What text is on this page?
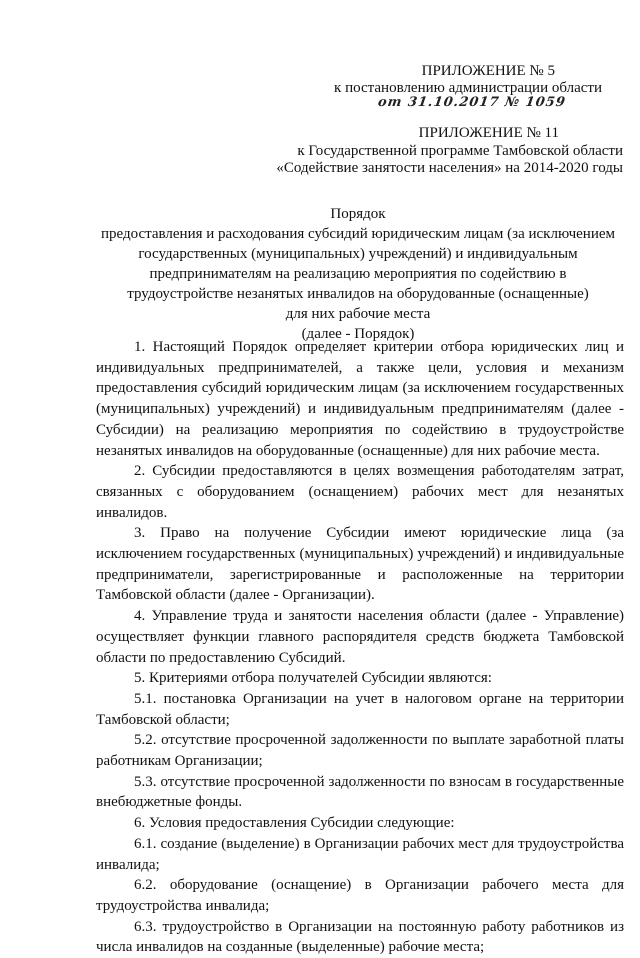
ПРИЛОЖЕНИЕ № 5
к постановлению администрации области
от 31.10.2017 № 1059
ПРИЛОЖЕНИЕ № 11
к Государственной программе Тамбовской области
«Содействие занятости населения» на 2014-2020 годы
Порядок
предоставления и расходования субсидий юридическим лицам (за исключением
государственных (муниципальных) учреждений) и индивидуальным
предпринимателям на реализацию мероприятия по содействию в
трудоустройстве незанятых инвалидов на оборудованные (оснащенные)
для них рабочие места
(далее - Порядок)

1. Настоящий Порядок определяет критерии отбора юридических лиц и индивидуальных предпринимателей, а также цели, условия и механизм предоставления субсидий юридическим лицам (за исключением государственных (муниципальных) учреждений) и индивидуальным предпринимателям (далее - Субсидии) на реализацию мероприятия по содействию в трудоустройстве незанятых инвалидов на оборудованные (оснащенные) для них рабочие места.

2. Субсидии предоставляются в целях возмещения работодателям затрат, связанных с оборудованием (оснащением) рабочих мест для незанятых инвалидов.

3. Право на получение Субсидии имеют юридические лица (за исключением государственных (муниципальных) учреждений) и индивидуальные предприниматели, зарегистрированные и расположенные на территории Тамбовской области (далее - Организации).

4. Управление труда и занятости населения области (далее - Управление) осуществляет функции главного распорядителя средств бюджета Тамбовской области по предоставлению Субсидий.

5. Критериями отбора получателей Субсидии являются:

5.1. постановка Организации на учет в налоговом органе на территории Тамбовской области;

5.2. отсутствие просроченной задолженности по выплате заработной платы работникам Организации;

5.3. отсутствие просроченной задолженности по взносам в государственные внебюджетные фонды.

6. Условия предоставления Субсидии следующие:

6.1. создание (выделение) в Организации рабочих мест для трудоустройства инвалида;

6.2. оборудование (оснащение) в Организации рабочего места для трудоустройства инвалида;

6.3. трудоустройство в Организации на постоянную работу работников из числа инвалидов на созданные (выделенные) рабочие места;
